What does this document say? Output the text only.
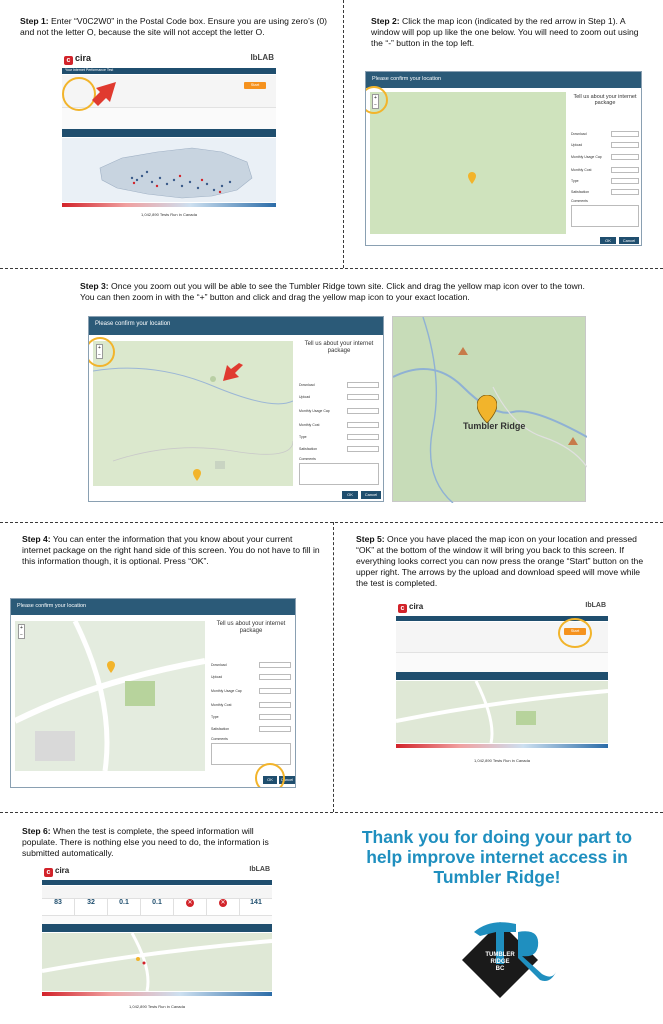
Step 1: Enter “V0C2W0” in the Postal Code box. Ensure you are using zero’s (0) and not the letter O, because the site will not accept the letter O.
c cira	IbLAB
Your Internet Performance Test
Start
1,042,890 Tests Run in Canada
Step 2: Click the map icon (indicated by the red arrow in Step 1). A window will pop up like the one below. You will need to zoom out using the “-” button in the top left.
Please confirm your location
+
−
Tell us about your internet package
Download
Upload
Monthly Usage Cap
Monthly Cost
Type
Satisfaction
Comments
OK	Cancel
Step 3: Once you zoom out you will be able to see the Tumbler Ridge town site. Click and drag the yellow map icon over to the town. You can then zoom in with the “+” button and click and drag the yellow map icon to your exact location.
Please confirm your location
+
−
Tell us about your internet package
Download
Upload
Monthly Usage Cap
Monthly Cost
Type
Satisfaction
Comments
OK	Cancel
Tumbler Ridge
Step 4: You can enter the information that you know about your current internet package on the right hand side of this screen. You do not have to fill in this information though, it is optional. Press “OK”.
Please confirm your location
+
−
Tell us about your internet package
Download
Upload
Monthly Usage Cap
Monthly Cost
Type
Satisfaction
Comments
OK	Cancel
Step 5: Once you have placed the map icon on your location and pressed “OK” at the bottom of the window it will bring you back to this screen. If everything looks correct you can now press the orange “Start” button on the upper right. The arrows by the upload and download speed will move while the test is completed.
c cira	IbLAB
Start
1,042,890 Tests Run in Canada
Step 6: When the test is complete, the speed information will populate. There is nothing else you need to do, the information is submitted automatically.
c cira	IbLAB
83	32	0.1	0.1	✕	✕	141
1,042,890 Tests Run in Canada
Thank you for doing your part to
help improve internet access in
Tumbler Ridge!
TUMBLER
RIDGE
BC
